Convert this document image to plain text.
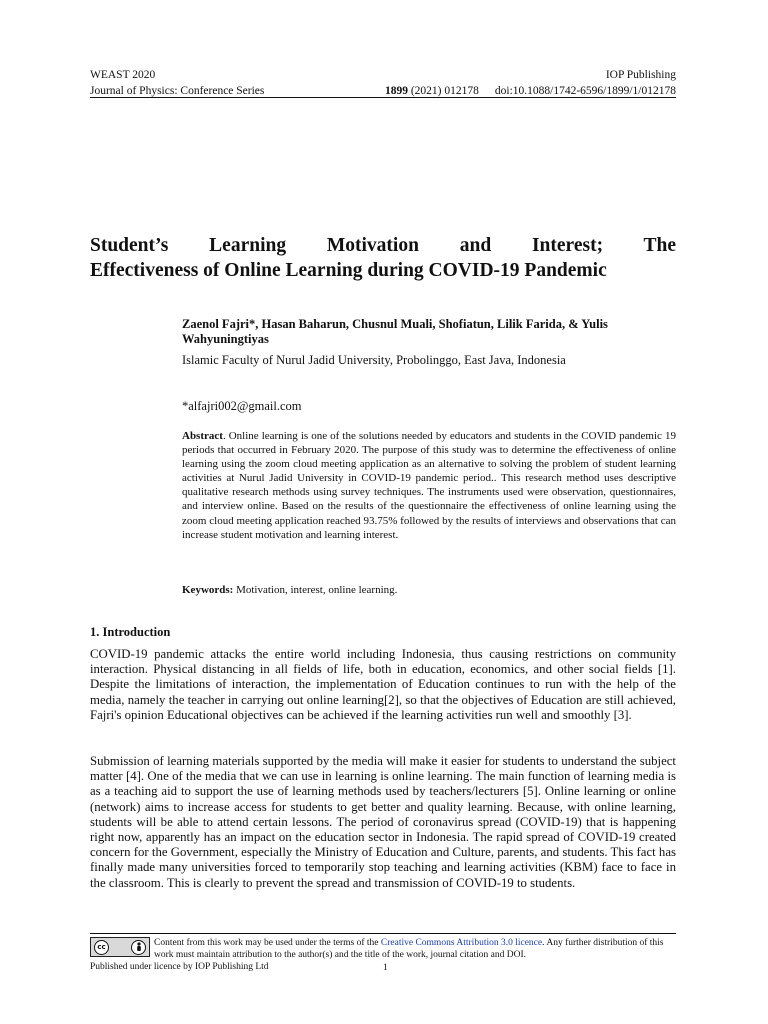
WEAST 2020	IOP Publishing
Journal of Physics: Conference Series	1899 (2021) 012178 doi:10.1088/1742-6596/1899/1/012178
Student’s Learning Motivation and Interest; The
Effectiveness of Online Learning during COVID-19 Pandemic
Zaenol Fajri*, Hasan Baharun, Chusnul Muali, Shofiatun, Lilik Farida, & Yulis Wahyuningtiyas
Islamic Faculty of Nurul Jadid University, Probolinggo, East Java, Indonesia
*alfajri002@gmail.com
Abstract. Online learning is one of the solutions needed by educators and students in the COVID pandemic 19 periods that occurred in February 2020. The purpose of this study was to determine the effectiveness of online learning using the zoom cloud meeting application as an alternative to solving the problem of student learning activities at Nurul Jadid University in COVID-19 pandemic period.. This research method uses descriptive qualitative research methods using survey techniques. The instruments used were observation, questionnaires, and interview online. Based on the results of the questionnaire the effectiveness of online learning using the zoom cloud meeting application reached 93.75% followed by the results of interviews and observations that can increase student motivation and learning interest.
Keywords: Motivation, interest, online learning.
1. Introduction
COVID-19 pandemic attacks the entire world including Indonesia, thus causing restrictions on community interaction. Physical distancing in all fields of life, both in education, economics, and other social fields [1]. Despite the limitations of interaction, the implementation of Education continues to run with the help of the media, namely the teacher in carrying out online learning[2], so that the objectives of Education are still achieved, Fajri's opinion Educational objectives can be achieved if the learning activities run well and smoothly [3].
Submission of learning materials supported by the media will make it easier for students to understand the subject matter [4]. One of the media that we can use in learning is online learning. The main function of learning media is as a teaching aid to support the use of learning methods used by teachers/lecturers [5]. Online learning or online (network) aims to increase access for students to get better and quality learning. Because, with online learning, students will be able to attend certain lessons. The period of coronavirus spread (COVID-19) that is happening right now, apparently has an impact on the education sector in Indonesia. The rapid spread of COVID-19 created concern for the Government, especially the Ministry of Education and Culture, parents, and students. This fact has finally made many universities forced to temporarily stop teaching and learning activities (KBM) face to face in the classroom. This is clearly to prevent the spread and transmission of COVID-19 to students.
cc	Content from this work may be used under the terms of the Creative Commons Attribution 3.0 licence. Any further distribution of this work must maintain attribution to the author(s) and the title of the work, journal citation and DOI.
Published under licence by IOP Publishing Ltd	1
